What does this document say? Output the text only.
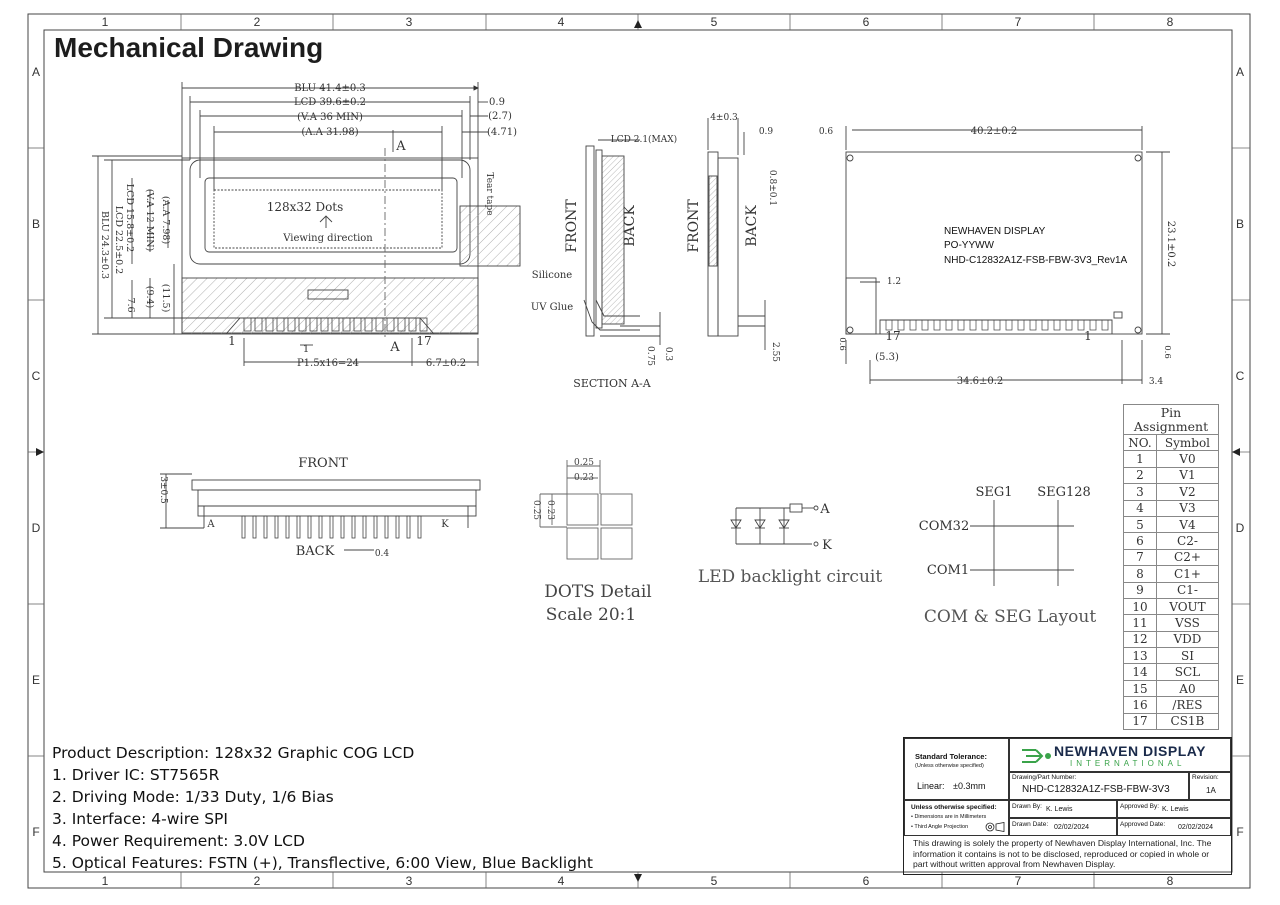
1	2	3	4	5	6	7	8
1	2	3	4	5	6	7	8
A
B
C
D
E
F
A
B
C
D
E
F
BLU 41.4±0.3
LCD 39.6±0.2
(V.A 36 MIN)
(A.A 31.98)
0.9
(2.7)
(4.71)
A
A
128x32 Dots
Viewing direction
1	17
1
P1.5x16=24	6.7±0.2
BLU 24.3±0.3 LCD 22.5±0.2 LCD 15.8±0.2 (V.A 12 MIN) (A.A 7.98)
(9.4)
7.6	(11.5)
Tear tape
LCD 2.1(MAX)
FRONT	BACK
Silicone
UV Glue
0.75 0.3
SECTION A-A
4±0.3
0.9
0.8±0.1
FRONT	BACK
2.55
0.6	40.2±0.2
23.1±0.2
1.2
17	1
(5.3)
0.6
0.6
34.6±0.2	3.4
NEWHAVEN DISPLAY
PO-YYWW
NHD-C12832A1Z-FSB-FBW-3V3_Rev1A
FRONT
BACK
3±0.5
0.4
A	K
0.25
0.23
0.25 0.23
DOTS Detail
Scale 20:1
A
K
LED backlight circuit
SEG1 SEG128
COM32
COM1
COM & SEG Layout
Mechanical Drawing
Pin Assignment	
NO.	Symbol
1	V0
2	V1
3	V2
4	V3
5	V4
6	C2-
7	C2+
8	C1+
9	C1-
10	VOUT
11	VSS
12	VDD
13	SI
14	SCL
15	A0
16	/RES
17	CS1B
Product Description: 128x32 Graphic COG LCD
1. Driver IC: ST7565R
2. Driving Mode: 1/33 Duty, 1/6 Bias
3. Interface: 4-wire SPI
4. Power Requirement: 3.0V LCD
5. Optical Features: FSTN (+), Transflective, 6:00 View, Blue Backlight
Standard Tolerance:
(Unless otherwise specified)
Linear: ±0.3mm
NEWHAVEN DISPLAY
INTERNATIONAL
Drawing/Part Number:
NHD-C12832A1Z-FSB-FBW-3V3
Revision:
1A
Unless otherwise specified:
• Dimensions are in Millimeters
• Third Angle Projection
Drawn By: K. Lewis	Approved By: K. Lewis
Drawn Date: 02/02/2024	Approved Date: 02/02/2024
This drawing is solely the property of Newhaven Display International, Inc. The information it contains is not to be disclosed, reproduced or copied in whole or part without written approval from Newhaven Display.
